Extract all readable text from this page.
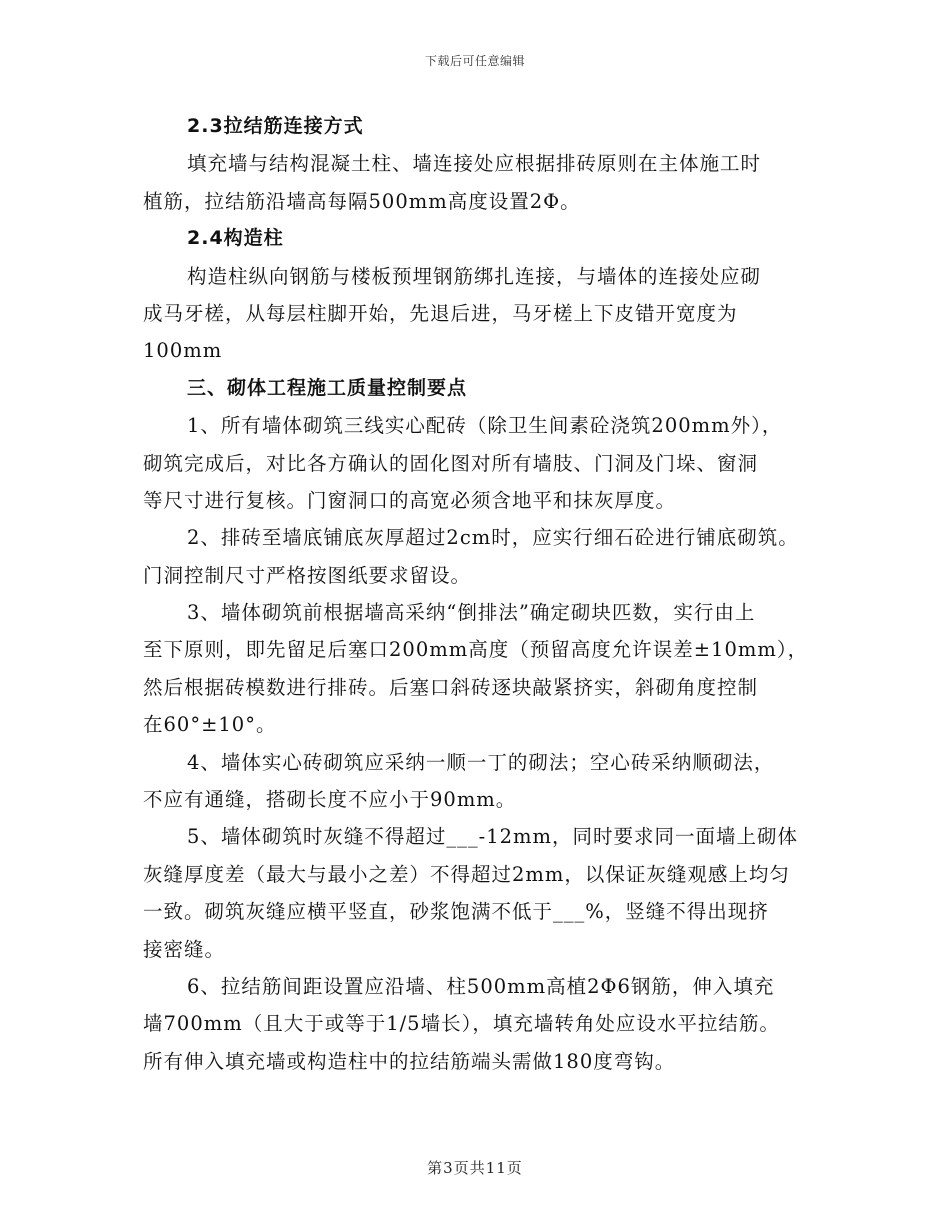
下载后可任意编辑
2.3拉结筋连接方式
填充墙与结构混凝土柱、墙连接处应根据排砖原则在主体施工时
植筋，拉结筋沿墙高每隔500mm高度设置2Φ。
2.4构造柱
构造柱纵向钢筋与楼板预埋钢筋绑扎连接，与墙体的连接处应砌
成马牙槎，从每层柱脚开始，先退后进，马牙槎上下皮错开宽度为
100mm
三、砌体工程施工质量控制要点
1、所有墙体砌筑三线实心配砖（除卫生间素砼浇筑200mm外），
砌筑完成后，对比各方确认的固化图对所有墙肢、门洞及门垛、窗洞
等尺寸进行复核。门窗洞口的高宽必须含地平和抹灰厚度。
2、排砖至墙底铺底灰厚超过2cm时，应实行细石砼进行铺底砌筑。
门洞控制尺寸严格按图纸要求留设。
3、墙体砌筑前根据墙高采纳“倒排法”确定砌块匹数，实行由上
至下原则，即先留足后塞口200mm高度（预留高度允许误差±10mm），
然后根据砖模数进行排砖。后塞口斜砖逐块敲紧挤实，斜砌角度控制
在60°±10°。
4、墙体实心砖砌筑应采纳一顺一丁的砌法；空心砖采纳顺砌法，
不应有通缝，搭砌长度不应小于90mm。
5、墙体砌筑时灰缝不得超过___-12mm，同时要求同一面墙上砌体
灰缝厚度差（最大与最小之差）不得超过2mm，以保证灰缝观感上均匀
一致。砌筑灰缝应横平竖直，砂浆饱满不低于___%，竖缝不得出现挤
接密缝。
6、拉结筋间距设置应沿墙、柱500mm高植2Φ6钢筋，伸入填充
墙700mm（且大于或等于1/5墙长），填充墙转角处应设水平拉结筋。
所有伸入填充墙或构造柱中的拉结筋端头需做180度弯钩。
第3页共11页
